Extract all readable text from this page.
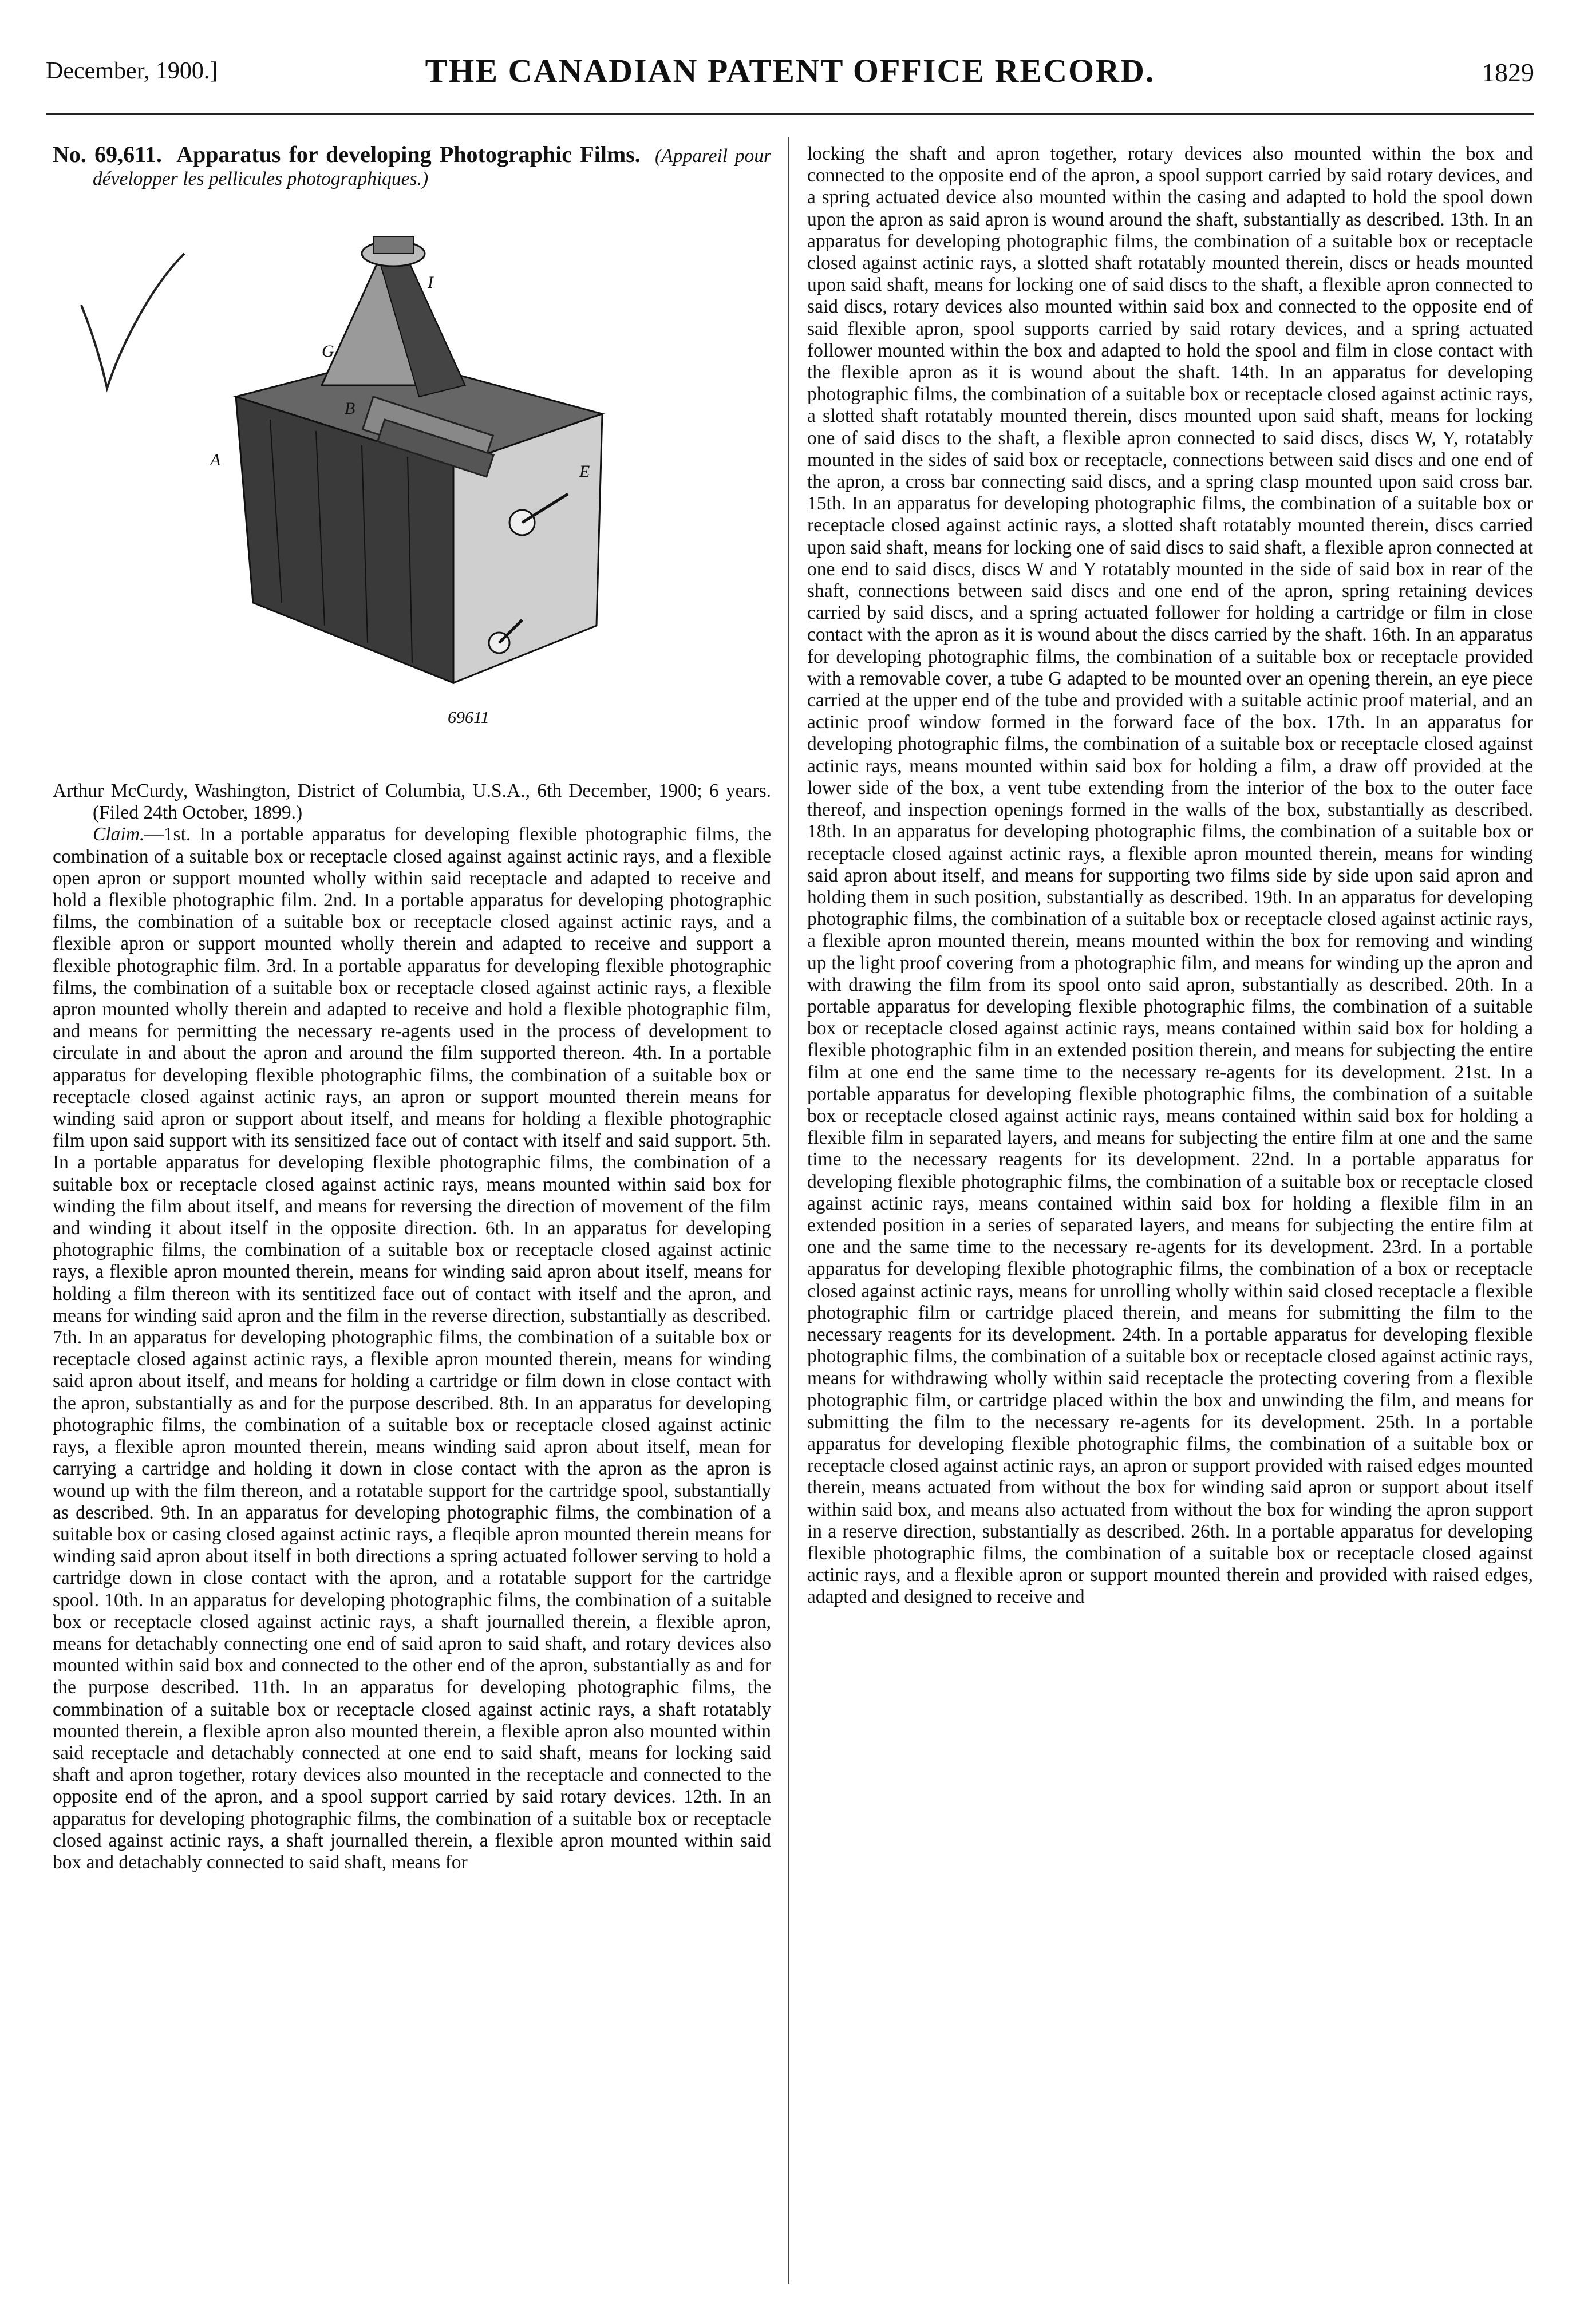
December, 1900.]	THE CANADIAN PATENT OFFICE RECORD.	1829

No. 69,611. Apparatus for developing Photographic Films. (Appareil pour développer les pellicules photographiques.)

I
G
A
B
E
69611

Arthur McCurdy, Washington, District of Columbia, U.S.A., 6th December, 1900; 6 years. (Filed 24th October, 1899.)

Claim.—1st. In a portable apparatus for developing flexible photographic films, the combination of a suitable box or receptacle closed against against actinic rays, and a flexible open apron or support mounted wholly within said receptacle and adapted to receive and hold a flexible photographic film. 2nd. In a portable apparatus for developing photographic films, the combination of a suitable box or receptacle closed against actinic rays, and a flexible apron or support mounted wholly therein and adapted to receive and support a flexible photographic film. 3rd. In a portable apparatus for developing flexible photographic films, the combination of a suitable box or receptacle closed against actinic rays, a flexible apron mounted wholly therein and adapted to receive and hold a flexible photographic film, and means for permitting the necessary re-agents used in the process of development to circulate in and about the apron and around the film supported thereon. 4th. In a portable apparatus for developing flexible photographic films, the combination of a suitable box or receptacle closed against actinic rays, an apron or support mounted therein means for winding said apron or support about itself, and means for holding a flexible photographic film upon said support with its sensitized face out of contact with itself and said support. 5th. In a portable apparatus for developing flexible photographic films, the combination of a suitable box or receptacle closed against actinic rays, means mounted within said box for winding the film about itself, and means for reversing the direction of movement of the film and winding it about itself in the opposite direction. 6th. In an apparatus for developing photographic films, the combination of a suitable box or receptacle closed against actinic rays, a flexible apron mounted therein, means for winding said apron about itself, means for holding a film thereon with its sentitized face out of contact with itself and the apron, and means for winding said apron and the film in the reverse direction, substantially as described. 7th. In an apparatus for developing photographic films, the combination of a suitable box or receptacle closed against actinic rays, a flexible apron mounted therein, means for winding said apron about itself, and means for holding a cartridge or film down in close contact with the apron, substantially as and for the purpose described. 8th. In an apparatus for developing photographic films, the combination of a suitable box or receptacle closed against actinic rays, a flexible apron mounted therein, means winding said apron about itself, mean for carrying a cartridge and holding it down in close contact with the apron as the apron is wound up with the film thereon, and a rotatable support for the cartridge spool, substantially as described. 9th. In an apparatus for developing photographic films, the combination of a suitable box or casing closed against actinic rays, a fleqible apron mounted therein means for winding said apron about itself in both directions a spring actuated follower serving to hold a cartridge down in close contact with the apron, and a rotatable support for the cartridge spool. 10th. In an apparatus for developing photographic films, the combination of a suitable box or receptacle closed against actinic rays, a shaft journalled therein, a flexible apron, means for detachably connecting one end of said apron to said shaft, and rotary devices also mounted within said box and connected to the other end of the apron, substantially as and for the purpose described. 11th. In an apparatus for developing photographic films, the commbination of a suitable box or receptacle closed against actinic rays, a shaft rotatably mounted therein, a flexible apron also mounted therein, a flexible apron also mounted within said receptacle and detachably connected at one end to said shaft, means for locking said shaft and apron together, rotary devices also mounted in the receptacle and connected to the opposite end of the apron, and a spool support carried by said rotary devices. 12th. In an apparatus for developing photographic films, the combination of a suitable box or receptacle closed against actinic rays, a shaft journalled therein, a flexible apron mounted within said box and detachably connected to said shaft, means for

locking the shaft and apron together, rotary devices also mounted within the box and connected to the opposite end of the apron, a spool support carried by said rotary devices, and a spring actuated device also mounted within the casing and adapted to hold the spool down upon the apron as said apron is wound around the shaft, substantially as described. 13th. In an apparatus for developing photographic films, the combination of a suitable box or receptacle closed against actinic rays, a slotted shaft rotatably mounted therein, discs or heads mounted upon said shaft, means for locking one of said discs to the shaft, a flexible apron connected to said discs, rotary devices also mounted within said box and connected to the opposite end of said flexible apron, spool supports carried by said rotary devices, and a spring actuated follower mounted within the box and adapted to hold the spool and film in close contact with the flexible apron as it is wound about the shaft. 14th. In an apparatus for developing photographic films, the combination of a suitable box or receptacle closed against actinic rays, a slotted shaft rotatably mounted therein, discs mounted upon said shaft, means for locking one of said discs to the shaft, a flexible apron connected to said discs, discs W, Y, rotatably mounted in the sides of said box or receptacle, connections between said discs and one end of the apron, a cross bar connecting said discs, and a spring clasp mounted upon said cross bar. 15th. In an apparatus for developing photographic films, the combination of a suitable box or receptacle closed against actinic rays, a slotted shaft rotatably mounted therein, discs carried upon said shaft, means for locking one of said discs to said shaft, a flexible apron connected at one end to said discs, discs W and Y rotatably mounted in the side of said box in rear of the shaft, connections between said discs and one end of the apron, spring retaining devices carried by said discs, and a spring actuated follower for holding a cartridge or film in close contact with the apron as it is wound about the discs carried by the shaft. 16th. In an apparatus for developing photographic films, the combination of a suitable box or receptacle provided with a removable cover, a tube G adapted to be mounted over an opening therein, an eye piece carried at the upper end of the tube and provided with a suitable actinic proof material, and an actinic proof window formed in the forward face of the box. 17th. In an apparatus for developing photographic films, the combination of a suitable box or receptacle closed against actinic rays, means mounted within said box for holding a film, a draw off provided at the lower side of the box, a vent tube extending from the interior of the box to the outer face thereof, and inspection openings formed in the walls of the box, substantially as described. 18th. In an apparatus for developing photographic films, the combination of a suitable box or receptacle closed against actinic rays, a flexible apron mounted therein, means for winding said apron about itself, and means for supporting two films side by side upon said apron and holding them in such position, substantially as described. 19th. In an apparatus for developing photographic films, the combination of a suitable box or receptacle closed against actinic rays, a flexible apron mounted therein, means mounted within the box for removing and winding up the light proof covering from a photographic film, and means for winding up the apron and with drawing the film from its spool onto said apron, substantially as described. 20th. In a portable apparatus for developing flexible photographic films, the combination of a suitable box or receptacle closed against actinic rays, means contained within said box for holding a flexible photographic film in an extended position therein, and means for subjecting the entire film at one end the same time to the necessary re-agents for its development. 21st. In a portable apparatus for developing flexible photographic films, the combination of a suitable box or receptacle closed against actinic rays, means contained within said box for holding a flexible film in separated layers, and means for subjecting the entire film at one and the same time to the necessary reagents for its development. 22nd. In a portable apparatus for developing flexible photographic films, the combination of a suitable box or receptacle closed against actinic rays, means contained within said box for holding a flexible film in an extended position in a series of separated layers, and means for subjecting the entire film at one and the same time to the necessary re-agents for its development. 23rd. In a portable apparatus for developing flexible photographic films, the combination of a box or receptacle closed against actinic rays, means for unrolling wholly within said closed receptacle a flexible photographic film or cartridge placed therein, and means for submitting the film to the necessary reagents for its development. 24th. In a portable apparatus for developing flexible photographic films, the combination of a suitable box or receptacle closed against actinic rays, means for withdrawing wholly within said receptacle the protecting covering from a flexible photographic film, or cartridge placed within the box and unwinding the film, and means for submitting the film to the necessary re-agents for its development. 25th. In a portable apparatus for developing flexible photographic films, the combination of a suitable box or receptacle closed against actinic rays, an apron or support provided with raised edges mounted therein, means actuated from without the box for winding said apron or support about itself within said box, and means also actuated from without the box for winding the apron support in a reserve direction, substantially as described. 26th. In a portable apparatus for developing flexible photographic films, the combination of a suitable box or receptacle closed against actinic rays, and a flexible apron or support mounted therein and provided with raised edges, adapted and designed to receive and
